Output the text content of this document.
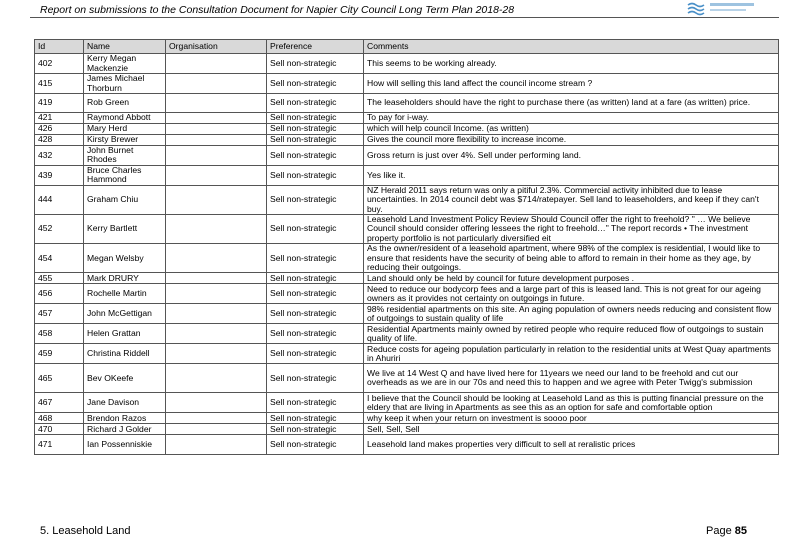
Report on submissions to the Consultation Document for Napier City Council Long Term Plan 2018-28
Id	Name	Organisation	Preference	Comments
402	Kerry Megan Mackenzie		Sell non-strategic	This seems to be working already.
415	James Michael Thorburn		Sell non-strategic	How will selling this land affect the council income stream ?
419	Rob Green		Sell non-strategic	The leaseholders should have the right to purchase there (as written) land at a fare (as written) price.
421	Raymond Abbott		Sell non-strategic	To pay for i-way.
426	Mary Herd		Sell non-strategic	which will help council Income. (as written)
428	Kirsty Brewer		Sell non-strategic	Gives the council more flexibility to increase income.
432	John Burnet Rhodes		Sell non-strategic	Gross return is just over 4%. Sell under performing land.
439	Bruce Charles Hammond		Sell non-strategic	Yes like it.
444	Graham Chiu		Sell non-strategic	NZ Herald 2011 says return was only a pitiful 2.3%. Commercial activity inhibited due to lease uncertainties. In 2014 council debt was $714/ratepayer. Sell land to leaseholders, and keep if they can't buy.
452	Kerry Bartlett		Sell non-strategic	Leasehold Land Investment Policy Review Should Council offer the right to freehold? " … We believe Council should consider offering lessees the right to freehold…" The report records • The investment property portfolio is not particularly diversified eit
454	Megan Welsby		Sell non-strategic	As the owner/resident of a leasehold apartment, where 98% of the complex is residential, I would like to ensure that residents have the security of being able to afford to remain in their home as they age, by reducing their outgoings.
455	Mark DRURY		Sell non-strategic	Land should only be held by council for future development purposes .
456	Rochelle Martin		Sell non-strategic	Need to reduce our bodycorp fees and a large part of this is leased land. This is not great for our ageing owners as it provides not certainty on outgoings in future.
457	John McGettigan		Sell non-strategic	98% residential apartments on this site. An aging population of owners needs reducing and consistent flow of outgoings to sustain quality of life
458	Helen Grattan		Sell non-strategic	Residential Apartments mainly owned by retired people who require reduced flow of outgoings to sustain quality of life.
459	Christina Riddell		Sell non-strategic	Reduce costs for ageing population particularly in relation to the residential units at West Quay apartments in Ahuriri
465	Bev OKeefe		Sell non-strategic	We live at 14 West Q and have lived here for 11years we need our land to be freehold and cut our overheads as we are in our 70s and need this to happen and we agree with Peter Twigg's submission
467	Jane Davison		Sell non-strategic	I believe that the Council should be looking at Leasehold Land as this is putting financial pressure on the eldery that are living in Apartments as see this as an option for safe and comfortable option
468	Brendon Razos		Sell non-strategic	why keep it when your return on investment is soooo poor
470	Richard J Golder		Sell non-strategic	Sell, Sell, Sell
471	Ian Possenniskie		Sell non-strategic	Leasehold land makes properties very difficult to sell at reralistic prices
5. Leasehold Land	Page 85
